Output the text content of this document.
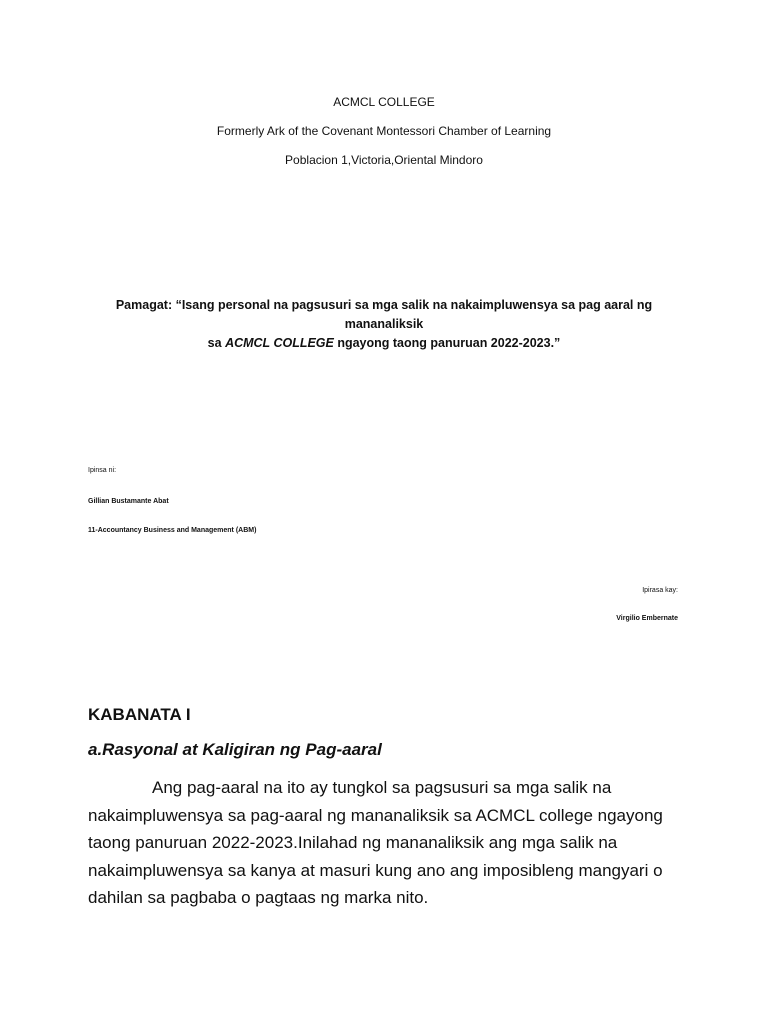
ACMCL COLLEGE
Formerly Ark of the Covenant Montessori Chamber of Learning
Poblacion 1,Victoria,Oriental Mindoro
Pamagat: “Isang personal na pagsusuri sa mga salik na nakaimpluwensya sa pag aaral ng mananaliksik
sa ACMCL COLLEGE ngayong taong panuruan 2022-2023.”
Ipinsa ni:
Gillian Bustamante Abat
11-Accountancy Business and Management (ABM)
Ipirasa kay:
Virgilio Embernate
KABANATA I
a.Rasyonal at Kaligiran ng Pag-aaral
Ang pag-aaral na ito ay tungkol sa pagsusuri sa mga salik na nakaimpluwensya sa pag-aaral ng mananaliksik sa ACMCL college ngayong taong panuruan 2022-2023.Inilahad ng mananaliksik ang mga salik na nakaimpluwensya sa kanya at masuri kung ano ang imposibleng mangyari o dahilan sa pagbaba o pagtaas ng marka nito.
